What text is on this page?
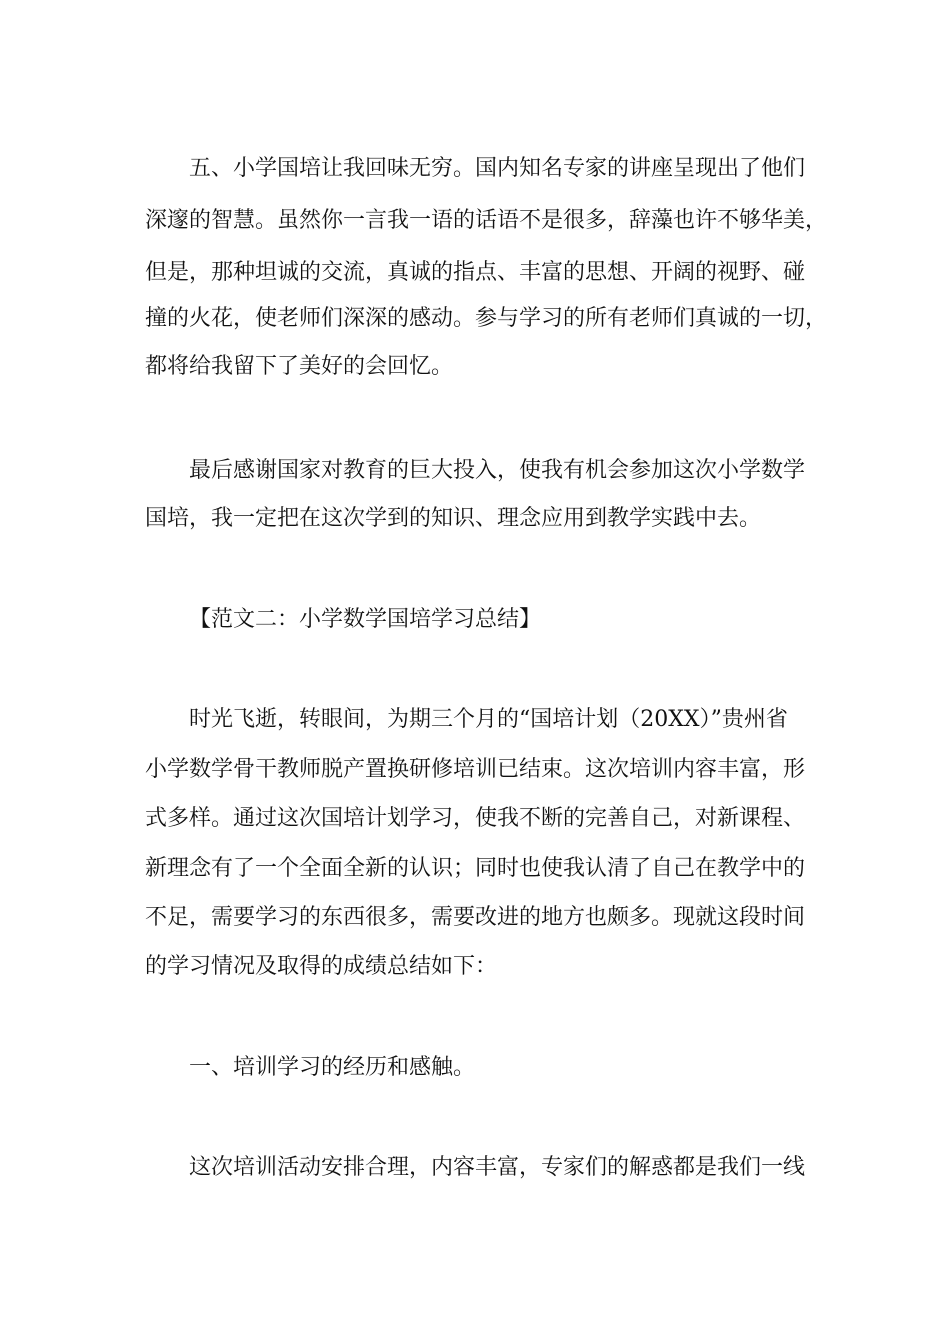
五、小学国培让我回味无穷。国内知名专家的讲座呈现出了他们
深邃的智慧。虽然你一言我一语的话语不是很多，辞藻也许不够华美，
但是，那种坦诚的交流，真诚的指点、丰富的思想、开阔的视野、碰
撞的火花，使老师们深深的感动。参与学习的所有老师们真诚的一切，
都将给我留下了美好的会回忆。
最后感谢国家对教育的巨大投入，使我有机会参加这次小学数学
国培，我一定把在这次学到的知识、理念应用到教学实践中去。
【范文二：小学数学国培学习总结】
时光飞逝，转眼间，为期三个月的“国培计划（20XX）”贵州省
小学数学骨干教师脱产置换研修培训已结束。这次培训内容丰富，形
式多样。通过这次国培计划学习，使我不断的完善自己，对新课程、
新理念有了一个全面全新的认识；同时也使我认清了自己在教学中的
不足，需要学习的东西很多，需要改进的地方也颇多。现就这段时间
的学习情况及取得的成绩总结如下：
一、培训学习的经历和感触。
这次培训活动安排合理，内容丰富，专家们的解惑都是我们一线
